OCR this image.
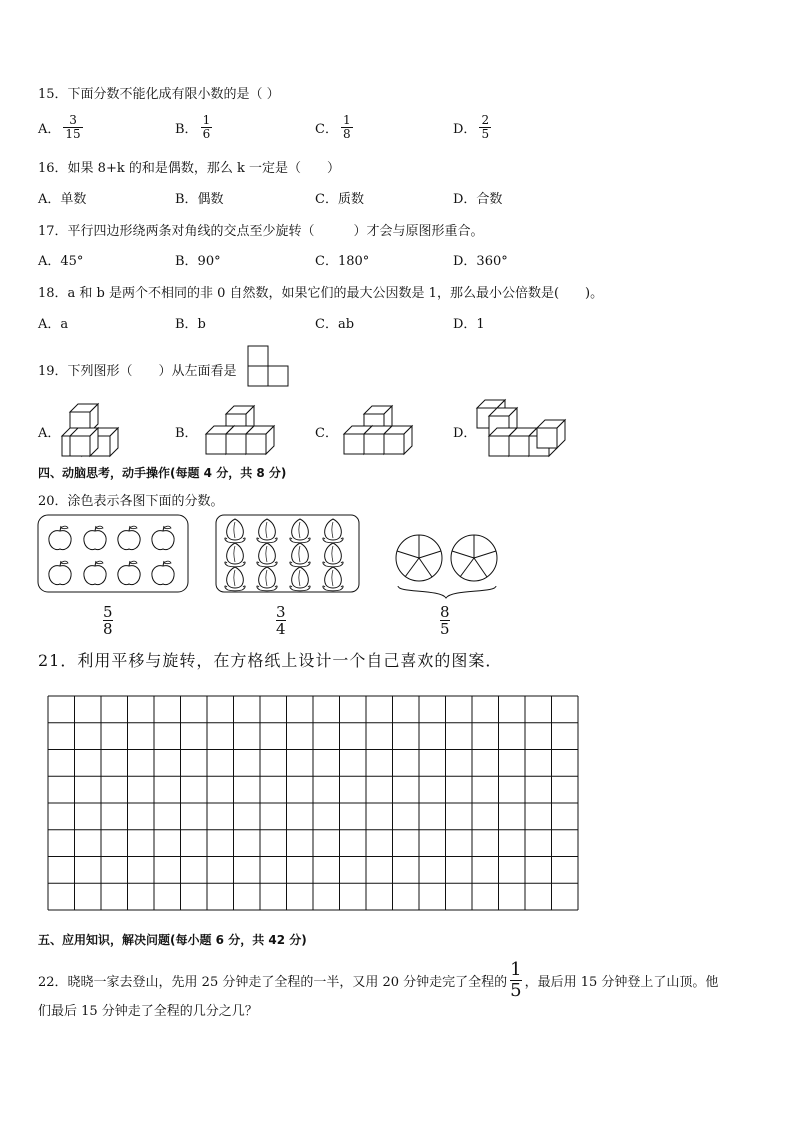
15．下面分数不能化成有限小数的是（ ）
A． $\frac{3}{15}$	B． $\frac{1}{6}$	C． $\frac{1}{8}$	D． $\frac{2}{5}$
16．如果 8+k 的和是偶数，那么 k 一定是（　　）
A．单数	B．偶数	C．质数	D．合数
17．平行四边形绕两条对角线的交点至少旋转（　　　）才会与原图形重合。
A．45°	B．90°	C．180°	D．360°
18．a 和 b 是两个不相同的非 0 自然数，如果它们的最大公因数是 1，那么最小公倍数是(　　)。
A．a	B．b	C．ab	D．1
19．下列图形（　　）从左面看是
A．	B．	C．	D．
四、动脑思考，动手操作(每题 4 分，共 8 分)
20．涂色表示各图下面的分数。
$\frac{5}{8}$	$\frac{3}{4}$	$\frac{8}{5}$
21．利用平移与旋转，在方格纸上设计一个自己喜欢的图案．
五、应用知识，解决问题(每小题 6 分，共 42 分)
22．晓晓一家去登山，先用 25 分钟走了全程的一半，又用 20 分钟走完了全程的
1
5 ，最后用 15 分钟登上了山顶。他
们最后 15 分钟走了全程的几分之几？
